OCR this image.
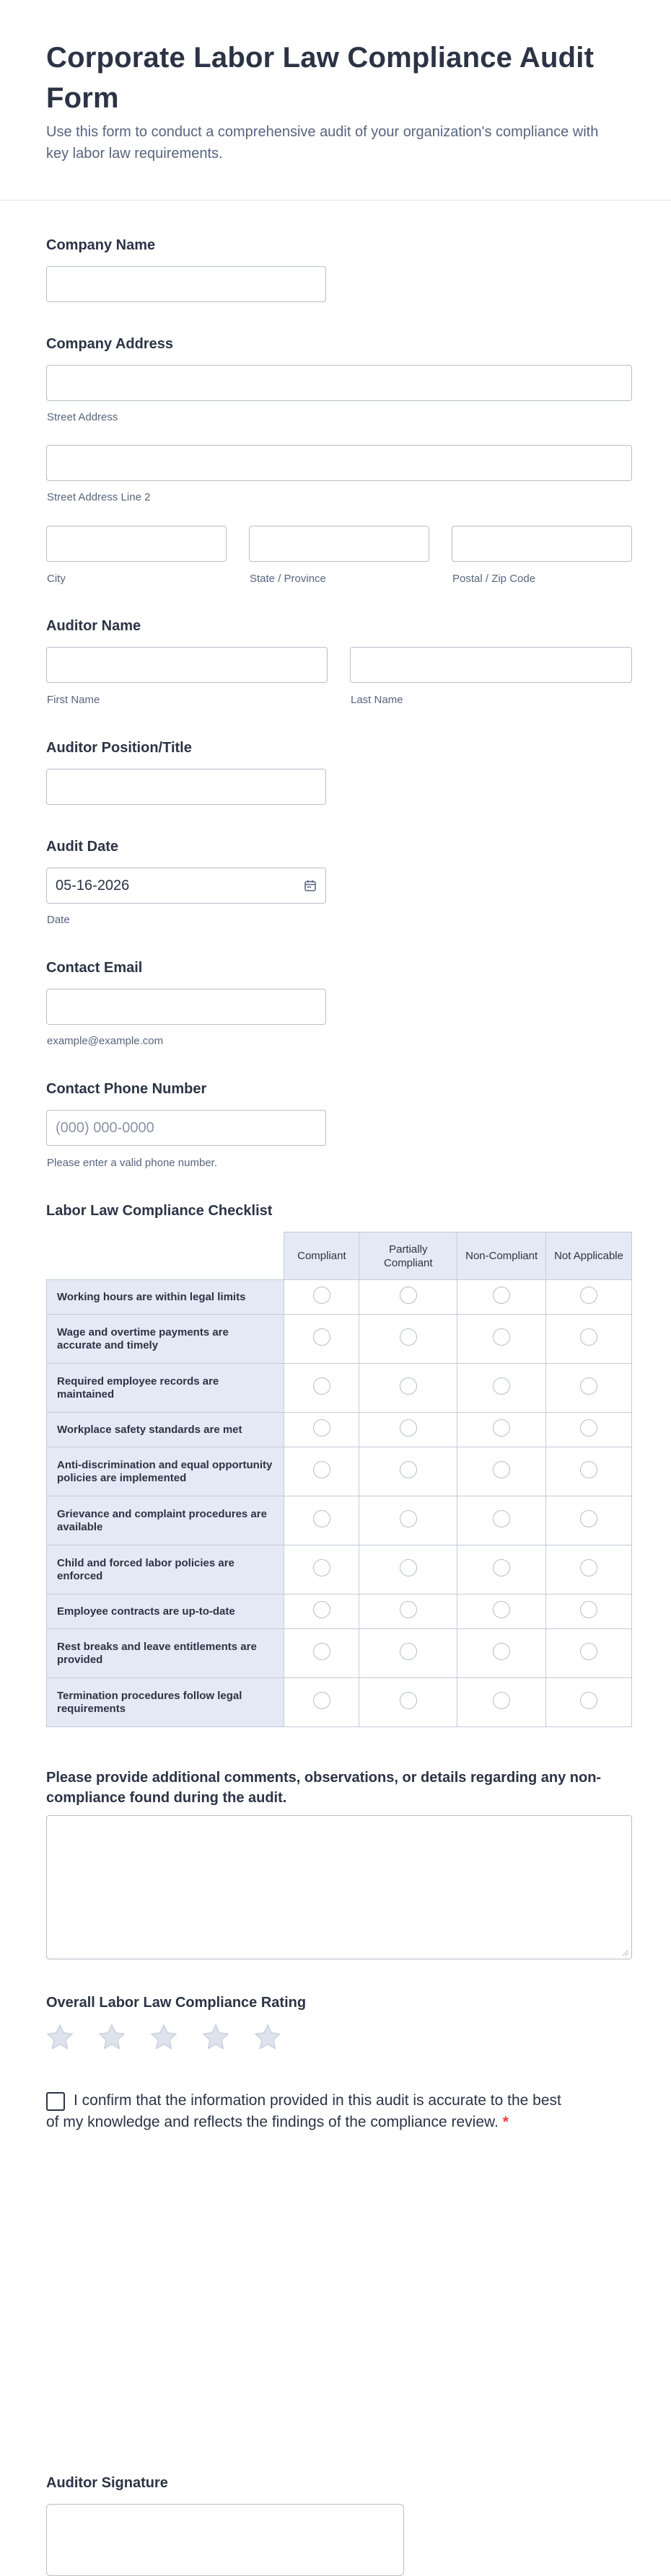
Corporate Labor Law Compliance Audit Form

Use this form to conduct a comprehensive audit of your organization's compliance with key labor law requirements.

Company Name
Company Address
Street Address
Street Address Line 2
City	State / Province	Postal / Zip Code
Auditor Name
First Name	Last Name
Auditor Position/Title
Audit Date
05-16-2026
Date
Contact Email
example@example.com
Contact Phone Number
(000) 000-0000
Please enter a valid phone number.
Labor Law Compliance Checklist
	Compliant	Partially Compliant	Non-Compliant	Not Applicable
Working hours are within legal limits				
Wage and overtime payments are accurate and timely				
Required employee records are maintained				
Workplace safety standards are met				
Anti-discrimination and equal opportunity policies are implemented				
Grievance and complaint procedures are available				
Child and forced labor policies are enforced				
Employee contracts are up-to-date				
Rest breaks and leave entitlements are provided				
Termination procedures follow legal requirements				
Please provide additional comments, observations, or details regarding any non-compliance found during the audit.
Overall Labor Law Compliance Rating
I confirm that the information provided in this audit is accurate to the best of my knowledge and reflects the findings of the compliance review. *
Auditor Signature
